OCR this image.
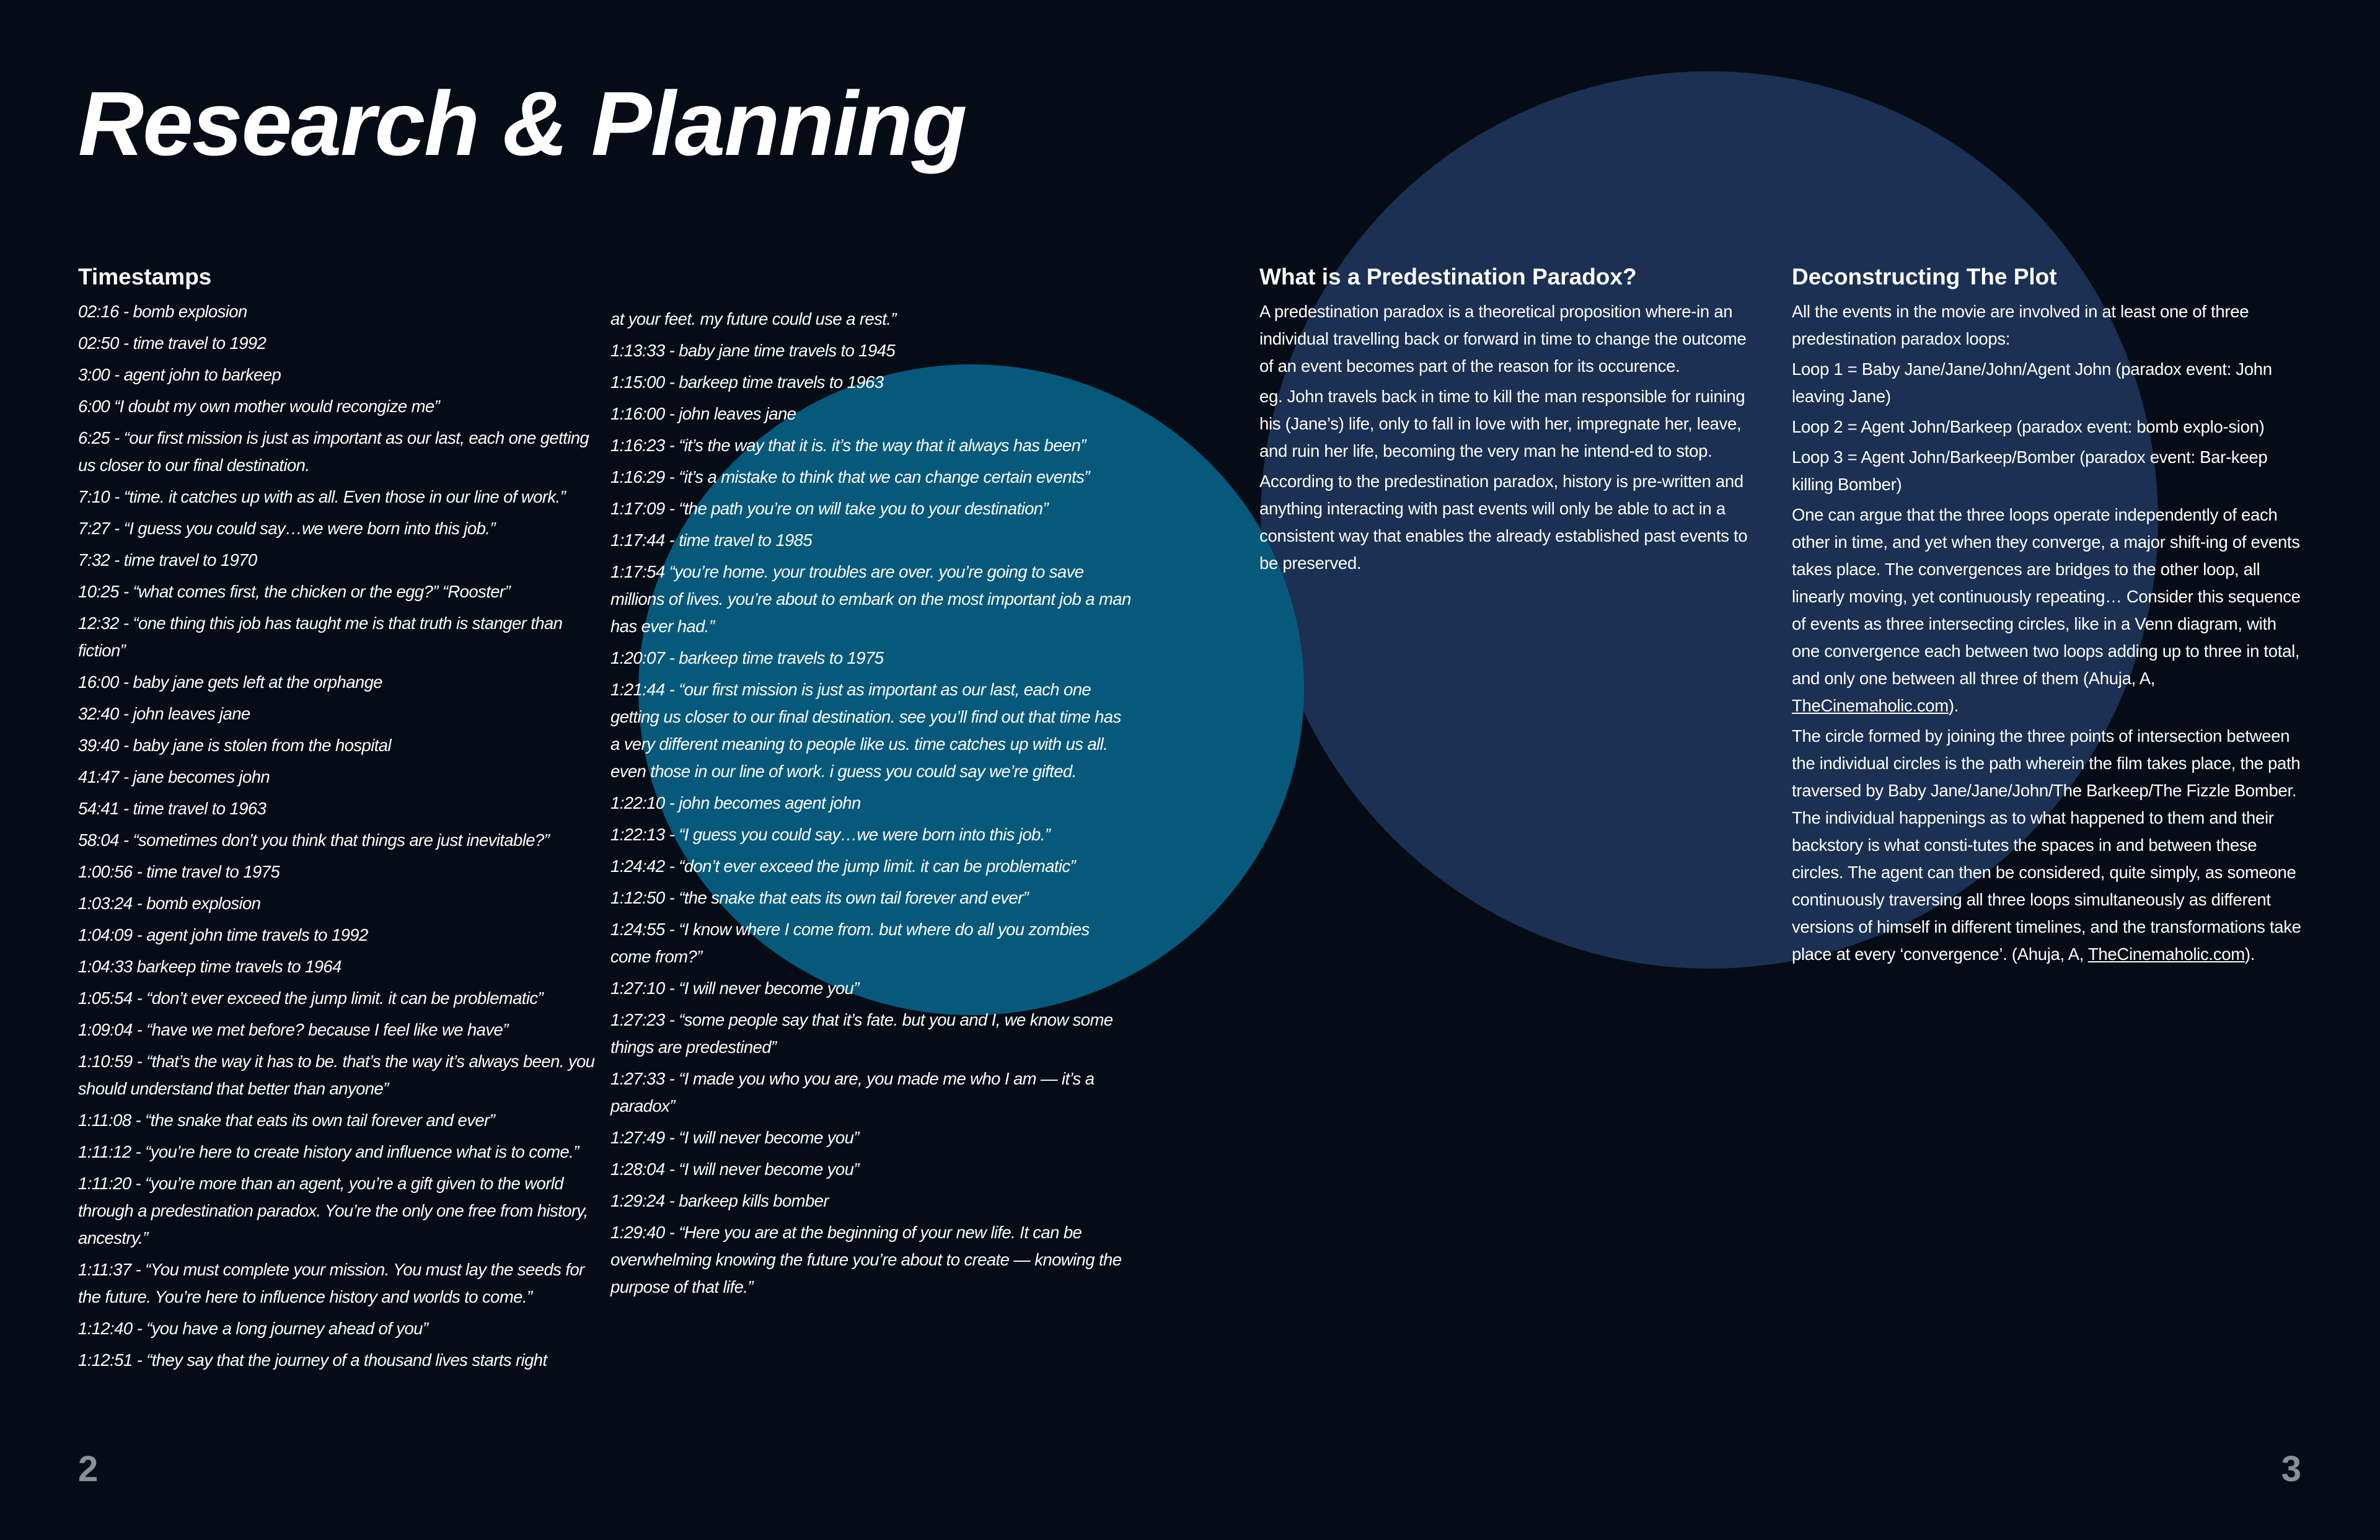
Research & Planning
Timestamps
02:16 - bomb explosion
02:50 - time travel to 1992
3:00 - agent john to barkeep
6:00 “I doubt my own mother would recongize me”
6:25 - “our first mission is just as important as our last, each one getting us closer to our final destination.
7:10 - “time. it catches up with as all. Even those in our line of work.”
7:27 - “I guess you could say…we were born into this job.”
7:32 - time travel to 1970
10:25 - “what comes first, the chicken or the egg?” “Rooster”
12:32 - “one thing this job has taught me is that truth is stanger than fiction”
16:00 - baby jane gets left at the orphange
32:40 - john leaves jane
39:40 - baby jane is stolen from the hospital
41:47 - jane becomes john
54:41 - time travel to 1963
58:04 - “sometimes don’t you think that things are just inevitable?”
1:00:56 - time travel to 1975
1:03:24 - bomb explosion
1:04:09 - agent john time travels to 1992
1:04:33 barkeep time travels to 1964
1:05:54 - “don’t ever exceed the jump limit. it can be problematic”
1:09:04 - “have we met before? because I feel like we have”
1:10:59 - “that’s the way it has to be. that’s the way it’s always been. you should understand that better than anyone”
1:11:08 - “the snake that eats its own tail forever and ever”
1:11:12 - “you’re here to create history and influence what is to come.”
1:11:20 - “you’re more than an agent, you’re a gift given to the world through a predestination paradox. You’re the only one free from history, ancestry.”
1:11:37 - “You must complete your mission. You must lay the seeds for the future. You’re here to influence history and worlds to come.”
1:12:40 - “you have a long journey ahead of you”
1:12:51 - “they say that the journey of a thousand lives starts right
at your feet. my future could use a rest.”
1:13:33 - baby jane time travels to 1945
1:15:00 - barkeep time travels to 1963
1:16:00 - john leaves jane
1:16:23 - “it’s the way that it is. it’s the way that it always has been”
1:16:29 - “it’s a mistake to think that we can change certain events”
1:17:09 - “the path you’re on will take you to your destination”
1:17:44 - time travel to 1985
1:17:54 “you’re home. your troubles are over. you’re going to save millions of lives. you’re about to embark on the most important job a man has ever had.”
1:20:07 - barkeep time travels to 1975
1:21:44 - “our first mission is just as important as our last, each one getting us closer to our final destination. see you’ll find out that time has a very different meaning to people like us. time catches up with us all. even those in our line of work. i guess you could say we’re gifted.
1:22:10 - john becomes agent john
1:22:13 - “I guess you could say…we were born into this job.”
1:24:42 - “don’t ever exceed the jump limit. it can be problematic”
1:12:50 - “the snake that eats its own tail forever and ever”
1:24:55 - “I know where I come from. but where do all you zombies come from?”
1:27:10 - “I will never become you”
1:27:23 - “some people say that it’s fate. but you and I, we know some things are predestined”
1:27:33 - “I made you who you are, you made me who I am — it’s a paradox”
1:27:49 - “I will never become you”
1:28:04 - “I will never become you”
1:29:24 - barkeep kills bomber
1:29:40 - “Here you are at the beginning of your new life. It can be overwhelming knowing the future you’re about to create — knowing the purpose of that life.”
What is a Predestination Paradox?

A predestination paradox is a theoretical proposition where-in an individual travelling back or forward in time to change the outcome of an event becomes part of the reason for its occurence.

eg. John travels back in time to kill the man responsible for ruining his (Jane’s) life, only to fall in love with her, impregnate her, leave, and ruin her life, becoming the very man he intend-ed to stop.

According to the predestination paradox, history is pre-written and anything interacting with past events will only be able to act in a consistent way that enables the already established past events to be preserved.

Deconstructing The Plot

All the events in the movie are involved in at least one of three predestination paradox loops:

Loop 1 = Baby Jane/Jane/John/Agent John (paradox event: John leaving Jane)

Loop 2 = Agent John/Barkeep (paradox event: bomb explo-sion)

Loop 3 = Agent John/Barkeep/Bomber (paradox event: Bar-keep killing Bomber)

One can argue that the three loops operate independently of each other in time, and yet when they converge, a major shift-ing of events takes place. The convergences are bridges to the other loop, all linearly moving, yet continuously repeating… Consider this sequence of events as three intersecting circles, like in a Venn diagram, with one convergence each between two loops adding up to three in total, and only one between all three of them (Ahuja, A, TheCinemaholic.com).

The circle formed by joining the three points of intersection between the individual circles is the path wherein the film takes place, the path traversed by Baby Jane/Jane/John/The Barkeep/The Fizzle Bomber. The individual happenings as to what happened to them and their backstory is what consti-tutes the spaces in and between these circles. The agent can then be considered, quite simply, as someone continuously traversing all three loops simultaneously as different versions of himself in different timelines, and the transformations take place at every ‘convergence’. (Ahuja, A, TheCinemaholic.com).

2	3
